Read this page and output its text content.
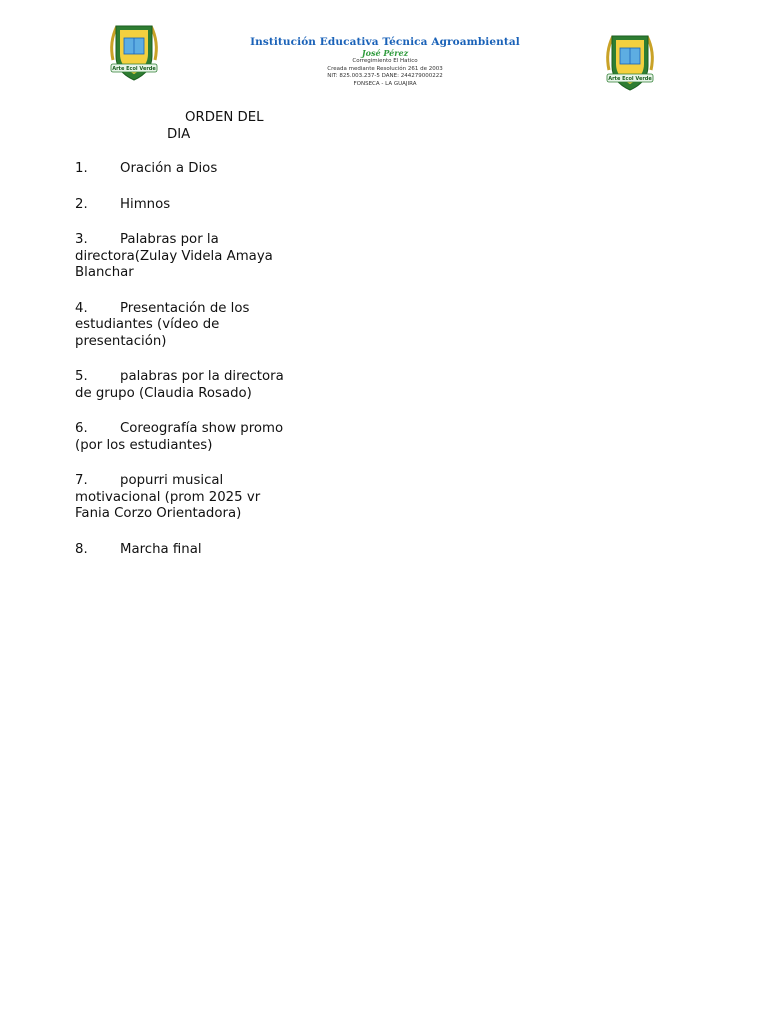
Arte Ecol Verde
Institución Educativa Técnica Agroambiental
José Pérez
Corregimiento El Hatico
Creada mediante Resolución 261 de 2003
NIT: 825.003.237-5 DANE: 244279000222
FONSECA - LA GUAJIRA
Arte Ecol Verde
ORDEN DEL
DIA
1. Oración a Dios
2. Himnos
3. Palabras por la directora(Zulay Videla Amaya Blanchar
4. Presentación de los estudiantes (vídeo de presentación)
5. palabras por la directora de grupo (Claudia Rosado)
6. Coreografía show promo (por los estudiantes)
7. popurri musical motivacional (prom 2025 vr Fania Corzo Orientadora)
8. Marcha final
